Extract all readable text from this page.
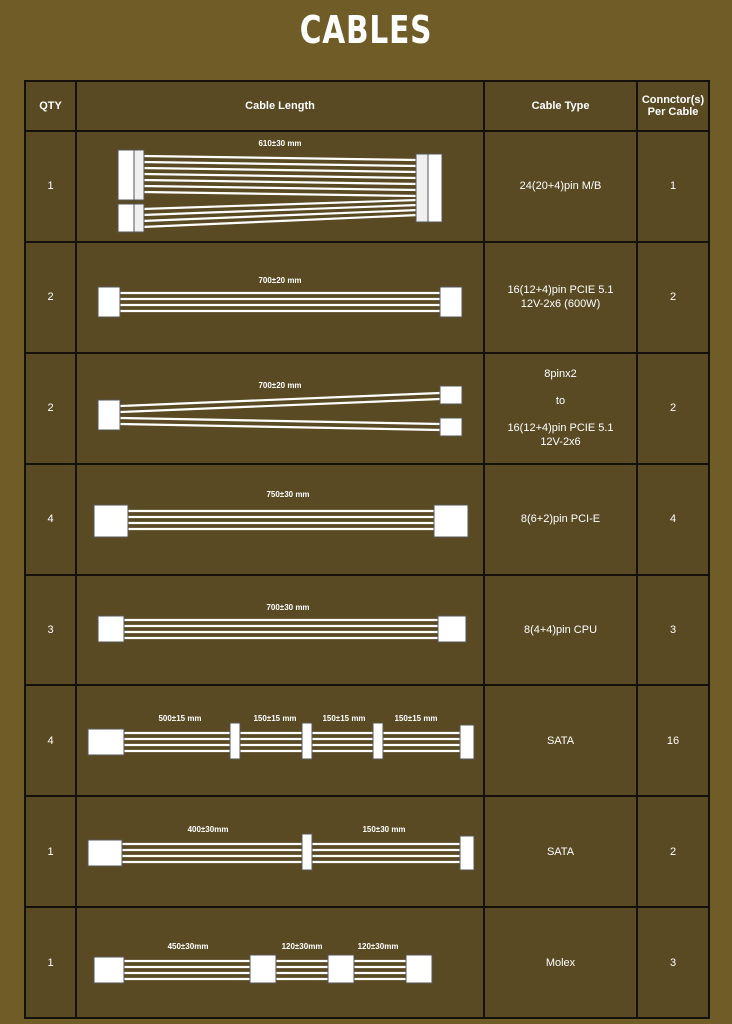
CABLES
QTY	Cable Length	Cable Type	Connctor(s)
Per Cable

1	610±30 mm	24(20+4)pin M/B	1
2	700±20 mm	16(12+4)pin PCIE 5.1
12V-2x6 (600W)	2
2	700±20 mm	8pinx2
to
16(12+4)pin PCIE 5.1
12V-2x6	2
4	750±30 mm	8(6+2)pin PCI-E	4
3	700±30 mm	8(4+4)pin CPU	3
4	500±15 mm 150±15 mm 150±15 mm 150±15 mm	SATA	16
1	400±30mm 150±30 mm	SATA	2
1	450±30mm 120±30mm 120±30mm	Molex	3
